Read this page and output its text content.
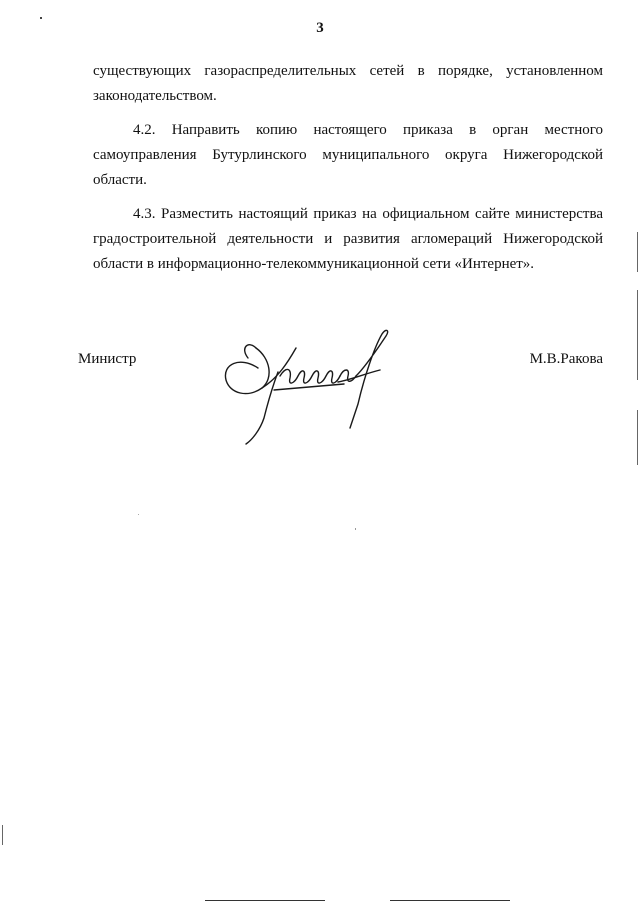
3

существующих газораспределительных сетей в порядке, установленном
законодательством.

4.2. Направить копию настоящего приказа в орган местного
самоуправления Бутурлинского муниципального округа Нижегородской
области.

4.3. Разместить настоящий приказ на официальном сайте министерства
градостроительной деятельности и развития агломераций Нижегородской
области в информационно-телекоммуникационной сети «Интернет».

Министр	М.В.Ракова
